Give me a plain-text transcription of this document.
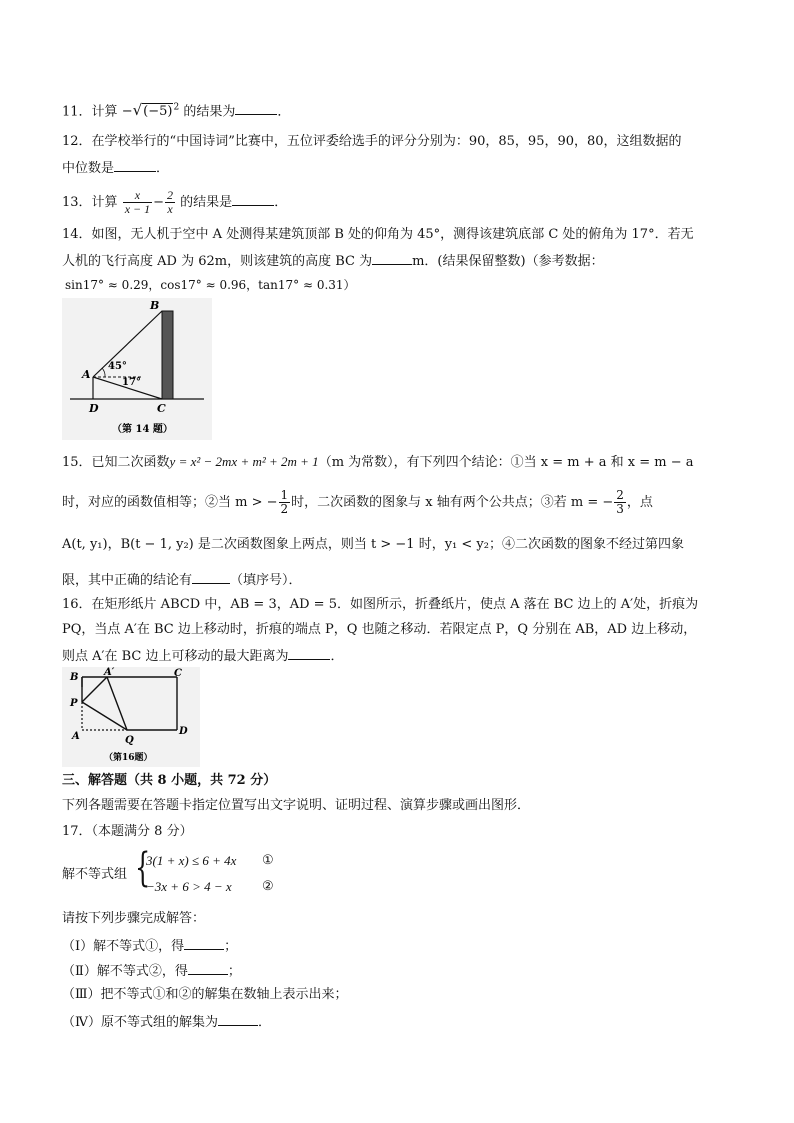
11．计算 $-√(-5)^2$ 的结果为	．
12．在学校举行的“中国诗词”比赛中，五位评委给选手的评分分别为：90，85，95，90，80，这组数据的
中位数是	．
13．计算 $\frac{x}{x - 1} - \frac{2}{x}$ 的结果是	．
14．如图，无人机于空中 A 处测得某建筑顶部 B 处的仰角为 45°，测得该建筑底部 C 处的俯角为 17°．若无
人机的飞行高度 AD 为 62m，则该建筑的高度 BC 为	m．(结果保留整数)（参考数据：
sin17° ≈ 0.29，cos17° ≈ 0.96，tan17° ≈ 0.31）
45°
17°
B
A
D	C
（第 14 题）
15．已知二次函数y = x² − 2mx + m² + 2m + 1（m 为常数），有下列四个结论：①当 x = m + a 和 x = m − a
时，对应的函数值相等；②当 m > − $\frac{1}{2}$ 时，二次函数的图象与 x 轴有两个公共点；③若 m = − $\frac{2}{3}$ ，点
A(t, y₁)，B(t − 1, y₂) 是二次函数图象上两点，则当 t > −1 时，y₁ < y₂；④二次函数的图象不经过第四象
限，其中正确的结论有	（填序号）．
16．在矩形纸片 ABCD 中，AB = 3，AD = 5．如图所示，折叠纸片，使点 A 落在 BC 边上的 A′处，折痕为
PQ，当点 A′在 BC 边上移动时，折痕的端点 P，Q 也随之移动．若限定点 P，Q 分别在 AB，AD 边上移动，
则点 A′在 BC 边上可移动的最大距离为	．
B	A′	C
P
A	Q
D
（第16题）
三、解答题（共 8 小题，共 72 分）
下列各题需要在答题卡指定位置写出文字说明、证明过程、演算步骤或画出图形．
17．（本题满分 8 分）
解不等式组 {
3(1 + x) ≤ 6 + 4x ①
−3x + 6 > 4 − x ②
请按下列步骤完成解答：
（Ⅰ）解不等式①，得	；
（Ⅱ）解不等式②，得	；
（Ⅲ）把不等式①和②的解集在数轴上表示出来；
（Ⅳ）原不等式组的解集为	．
